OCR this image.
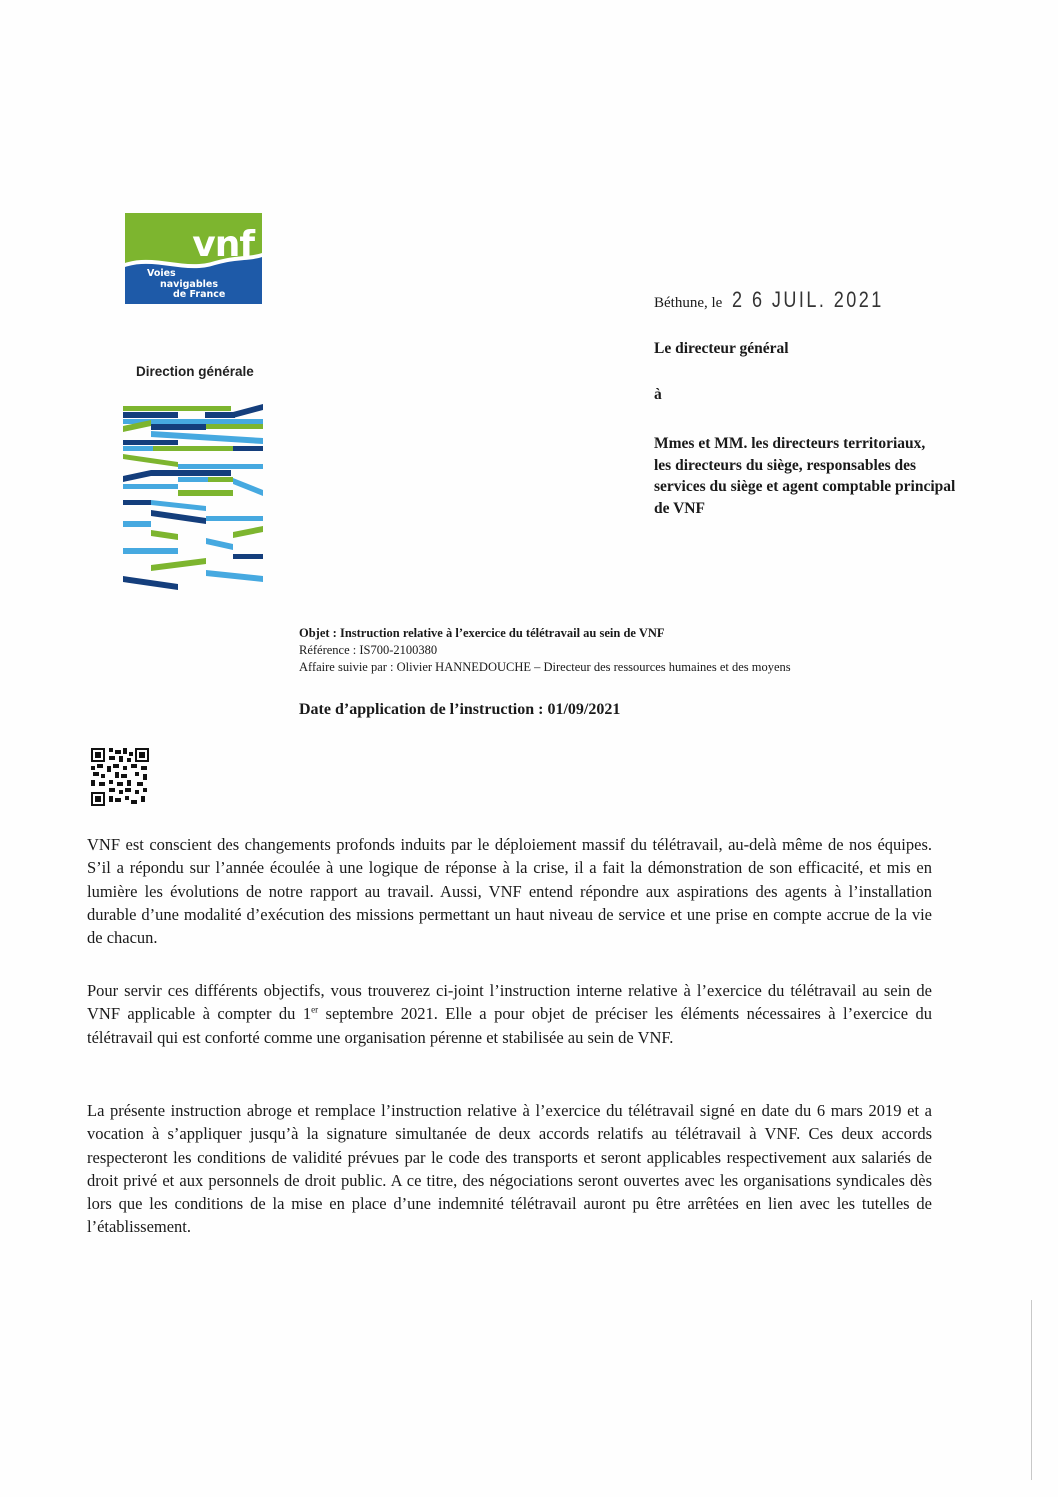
vnf
Voies
navigables
de France
Direction générale
Béthune, le 2 6 JUIL. 2021
Le directeur général
à
Mmes et MM. les directeurs territoriaux,
les directeurs du siège, responsables des
services du siège et agent comptable principal
de VNF
Objet : Instruction relative à l’exercice du télétravail au sein de VNF
Référence : IS700-2100380
Affaire suivie par : Olivier HANNEDOUCHE – Directeur des ressources humaines et des moyens
Date d’application de l’instruction : 01/09/2021
VNF est conscient des changements profonds induits par le déploiement massif du télétravail, au-delà même de nos équipes. S’il a répondu sur l’année écoulée à une logique de réponse à la crise, il a fait la démonstration de son efficacité, et mis en lumière les évolutions de notre rapport au travail. Aussi, VNF entend répondre aux aspirations des agents à l’installation durable d’une modalité d’exécution des missions permettant un haut niveau de service et une prise en compte accrue de la vie de chacun.
Pour servir ces différents objectifs, vous trouverez ci-joint l’instruction interne relative à l’exercice du télétravail au sein de VNF applicable à compter du 1er septembre 2021. Elle a pour objet de préciser les éléments nécessaires à l’exercice du télétravail qui est conforté comme une organisation pérenne et stabilisée au sein de VNF.
La présente instruction abroge et remplace l’instruction relative à l’exercice du télétravail signé en date du 6 mars 2019 et a vocation à s’appliquer jusqu’à la signature simultanée de deux accords relatifs au télétravail à VNF. Ces deux accords respecteront les conditions de validité prévues par le code des transports et seront applicables respectivement aux salariés de droit privé et aux personnels de droit public. A ce titre, des négociations seront ouvertes avec les organisations syndicales dès lors que les conditions de la mise en place d’une indemnité télétravail auront pu être arrêtées en lien avec les tutelles de l’établissement.
